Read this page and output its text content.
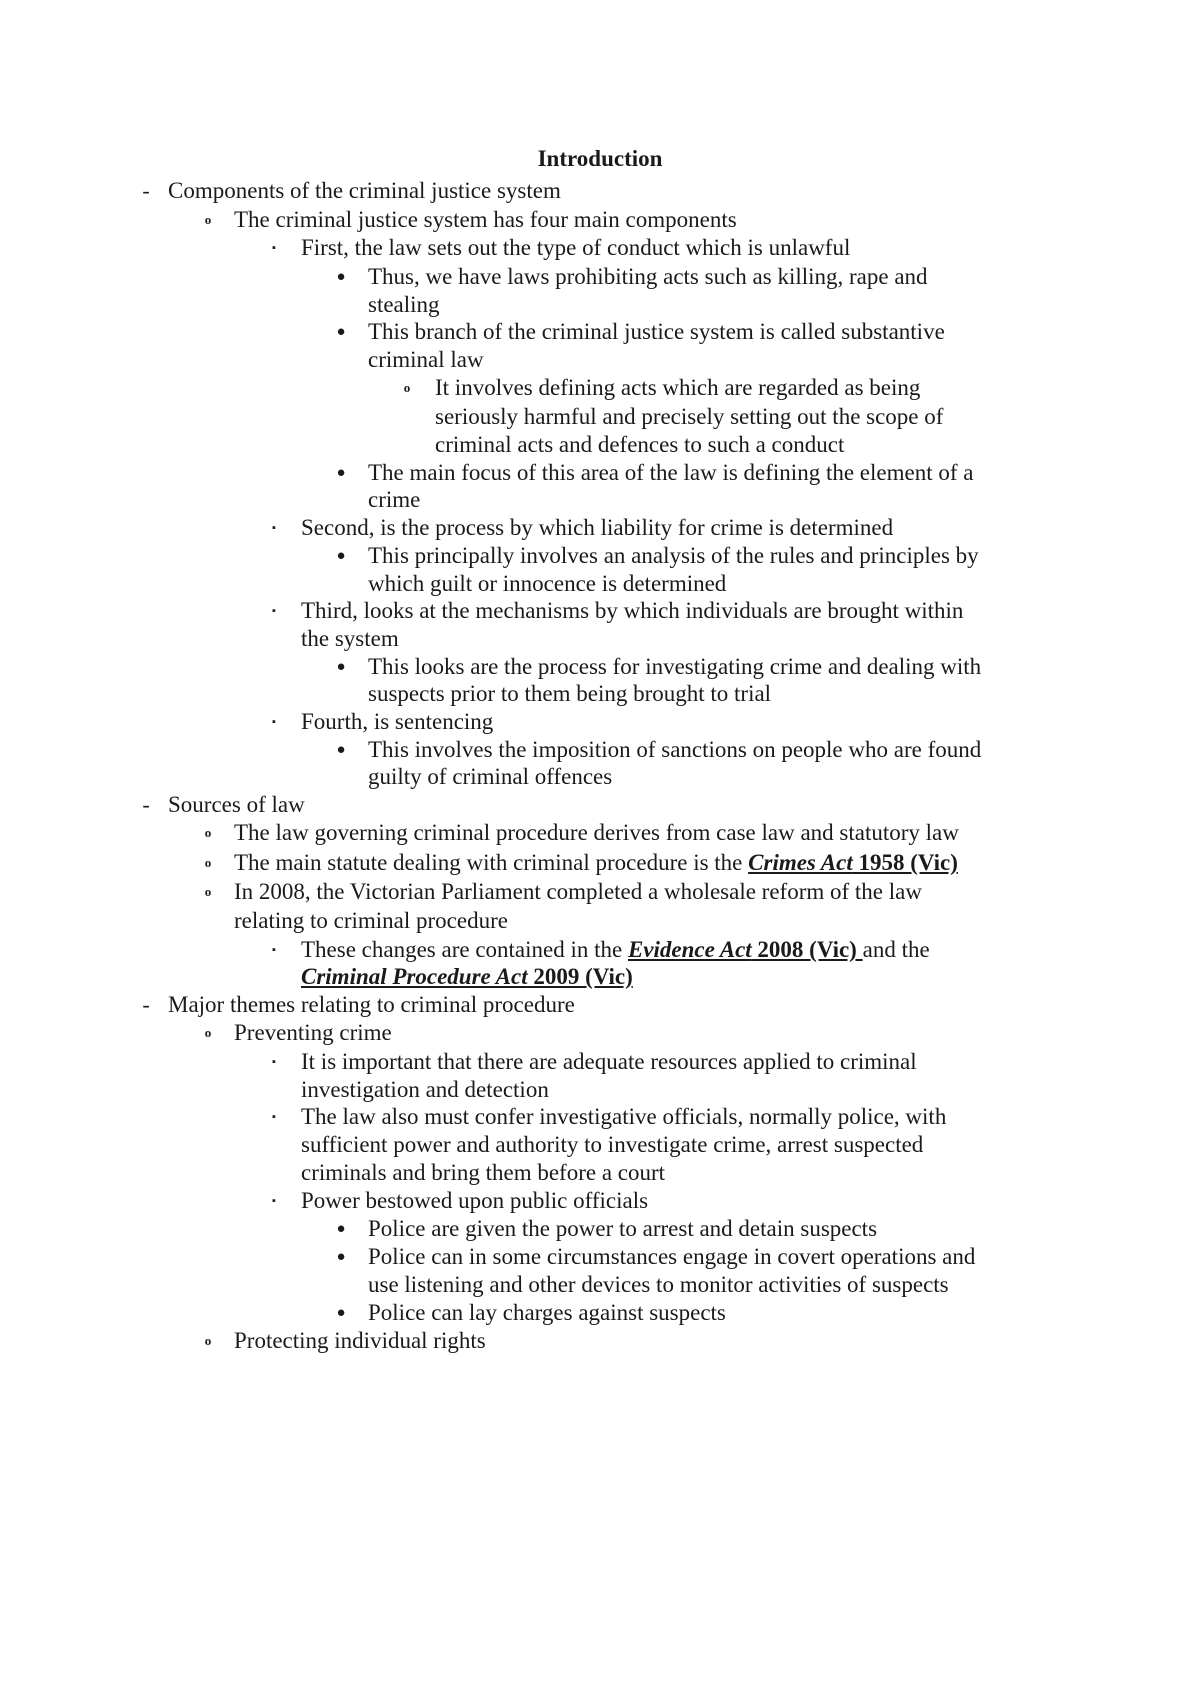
Introduction
- Components of the criminal justice system
o The criminal justice system has four main components
▪	First, the law sets out the type of conduct which is unlawful
● Thus, we have laws prohibiting acts such as killing, rape and
stealing
● This branch of the criminal justice system is called substantive
criminal law
o It involves defining acts which are regarded as being
seriously harmful and precisely setting out the scope of
criminal acts and defences to such a conduct
● The main focus of this area of the law is defining the element of a
crime
▪	Second, is the process by which liability for crime is determined
● This principally involves an analysis of the rules and principles by
which guilt or innocence is determined
▪	Third, looks at the mechanisms by which individuals are brought within
the system
● This looks are the process for investigating crime and dealing with
suspects prior to them being brought to trial
▪	Fourth, is sentencing
● This involves the imposition of sanctions on people who are found
guilty of criminal offences
- Sources of law
o The law governing criminal procedure derives from case law and statutory law
o The main statute dealing with criminal procedure is the Crimes Act 1958 (Vic)
o In 2008, the Victorian Parliament completed a wholesale reform of the law
relating to criminal procedure
▪	These changes are contained in the Evidence Act 2008 (Vic) and the
Criminal Procedure Act 2009 (Vic)
- Major themes relating to criminal procedure
o Preventing crime
▪	It is important that there are adequate resources applied to criminal
investigation and detection
▪	The law also must confer investigative officials, normally police, with
sufficient power and authority to investigate crime, arrest suspected
criminals and bring them before a court
▪	Power bestowed upon public officials
● Police are given the power to arrest and detain suspects
● Police can in some circumstances engage in covert operations and
use listening and other devices to monitor activities of suspects
● Police can lay charges against suspects
o Protecting individual rights
